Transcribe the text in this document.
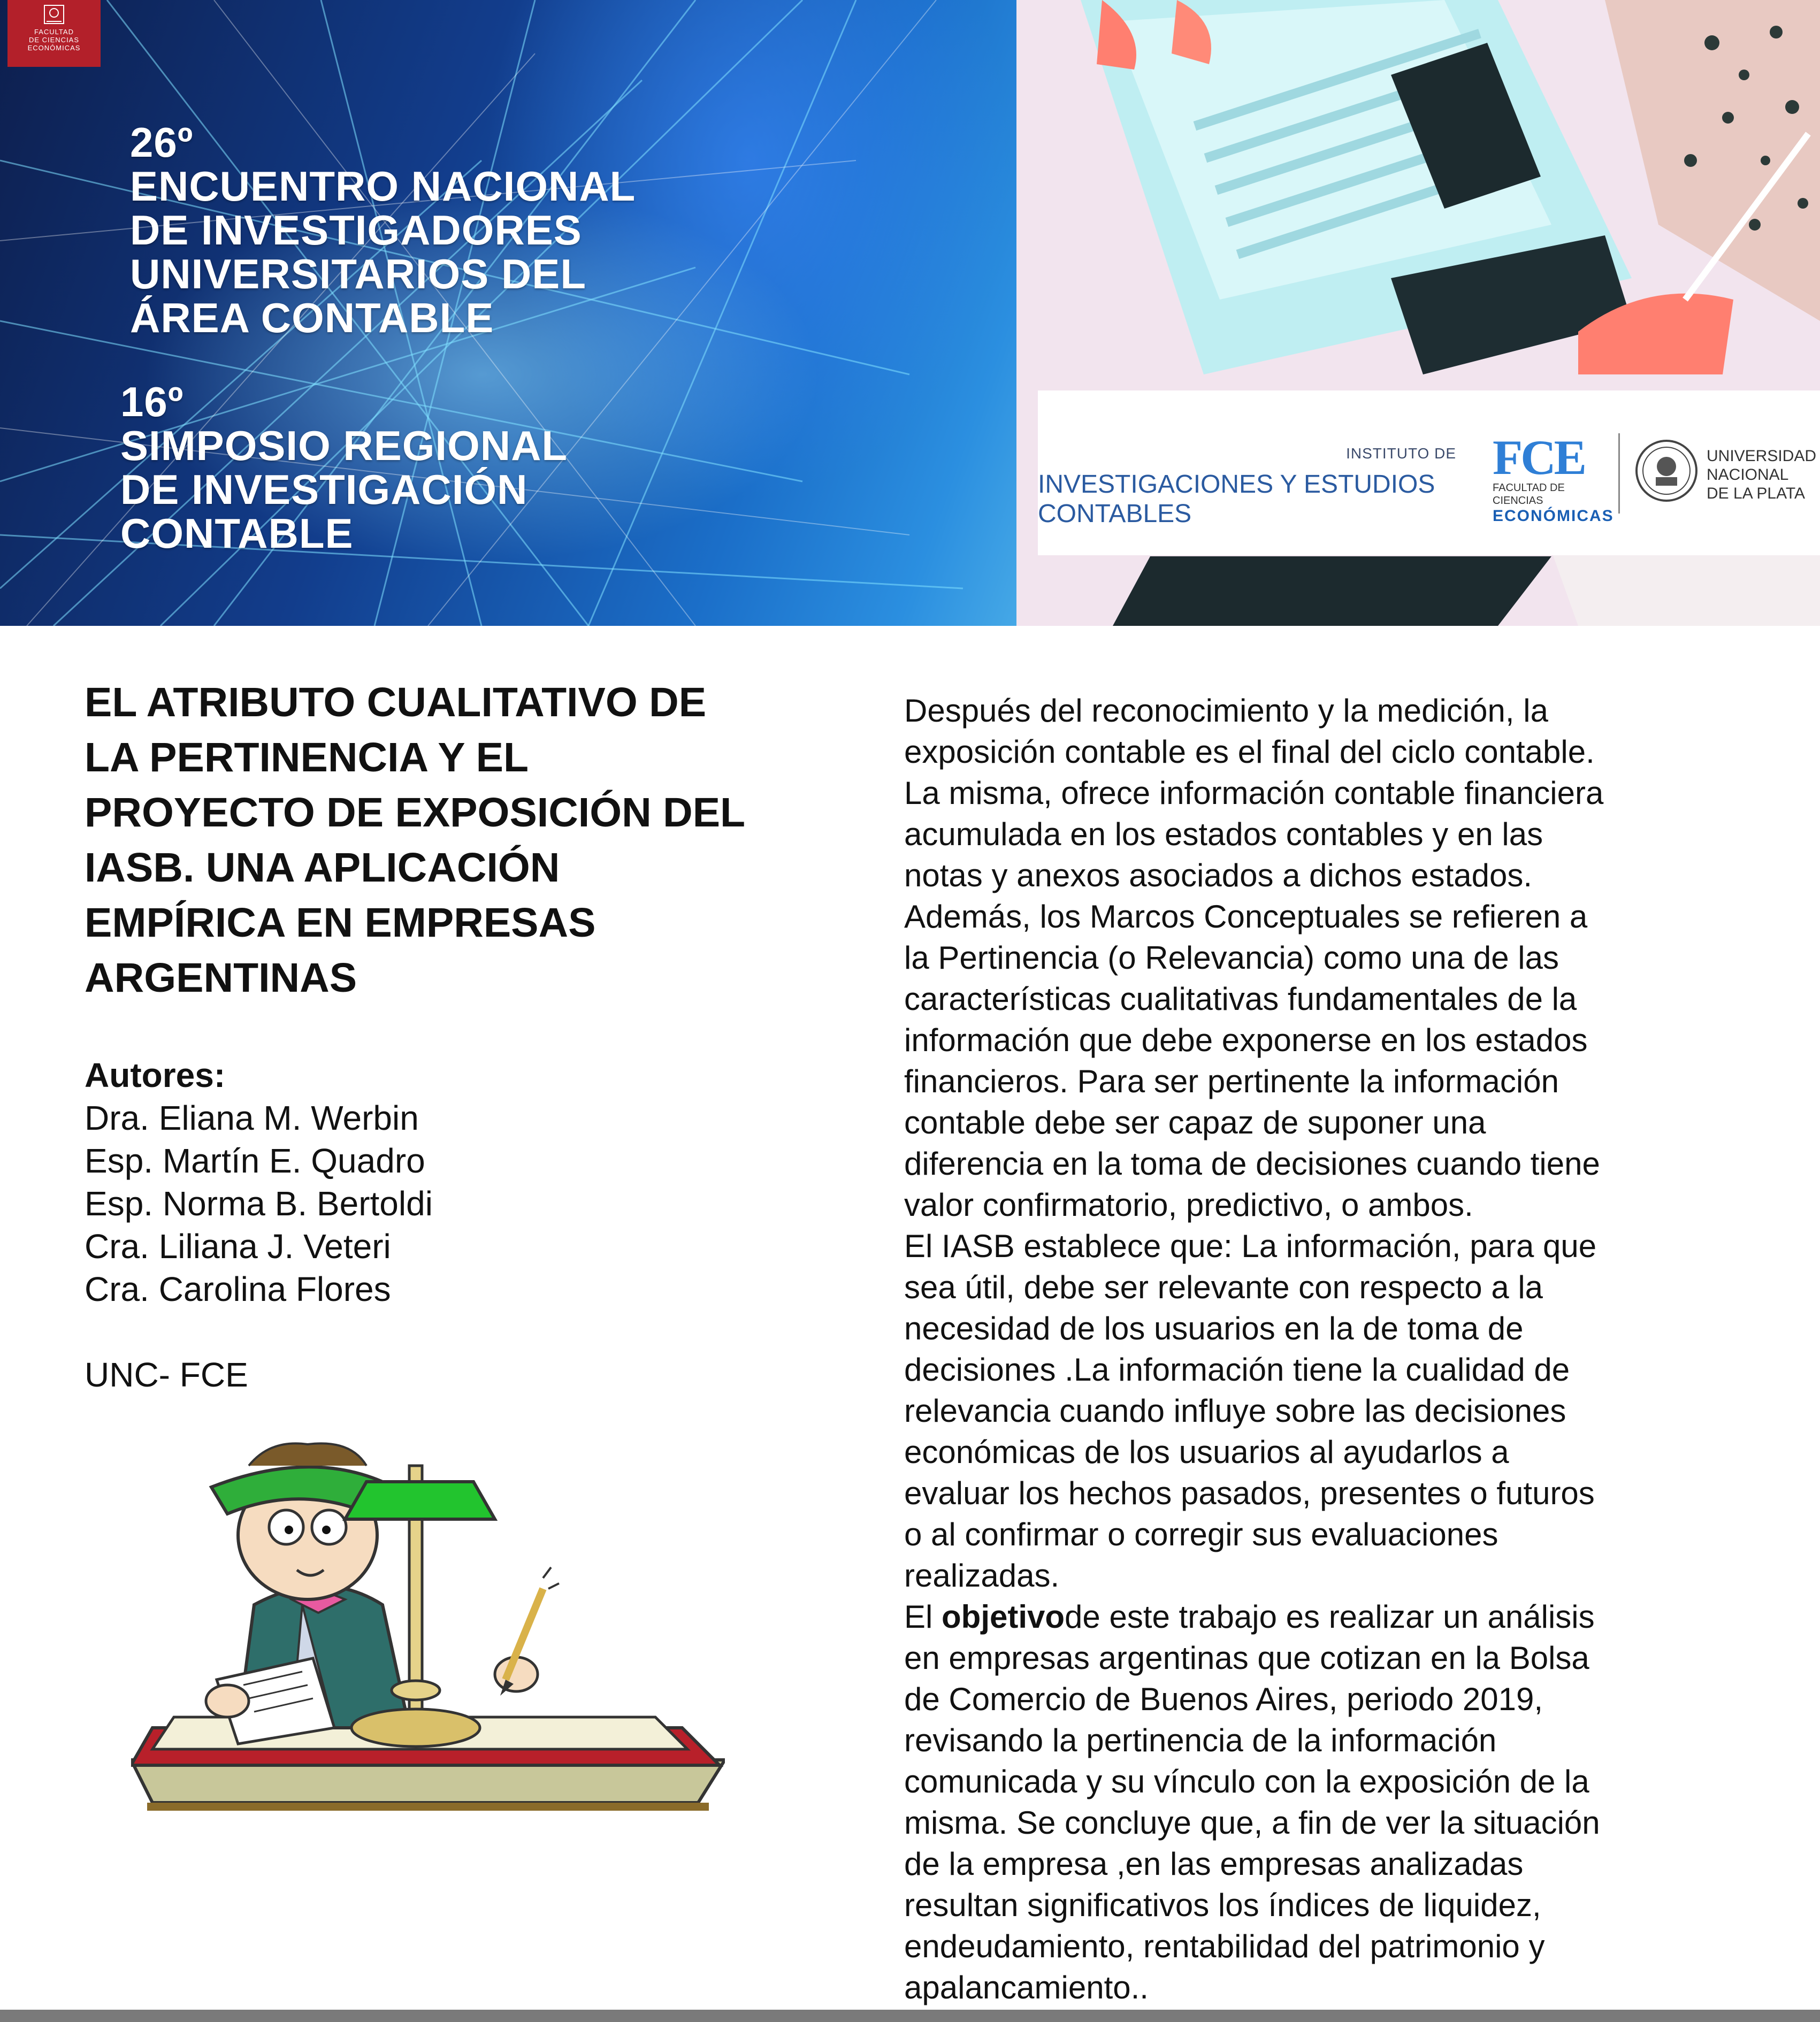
FACULTAD
DE CIENCIAS
ECONÓMICAS
26º
ENCUENTRO NACIONAL
DE INVESTIGADORES
UNIVERSITARIOS DEL
ÁREA CONTABLE
16º
SIMPOSIO REGIONAL
DE INVESTIGACIÓN
CONTABLE
INSTITUTO DE
INVESTIGACIONES Y ESTUDIOS CONTABLES
FCE
FACULTAD DE CIENCIAS
ECONÓMICAS
UNIVERSIDAD
NACIONAL
DE LA PLATA
EL ATRIBUTO CUALITATIVO DE
LA PERTINENCIA Y EL
PROYECTO DE EXPOSICIÓN DEL
IASB. UNA APLICACIÓN
EMPÍRICA EN EMPRESAS
ARGENTINAS
Autores:
Dra. Eliana M. Werbin
Esp. Martín E. Quadro
Esp. Norma B. Bertoldi
Cra. Liliana J. Veteri
Cra. Carolina Flores
UNC- FCE

Después del reconocimiento y la medición, la

exposición contable es el final del ciclo contable.

La misma, ofrece información contable financiera

acumulada en los estados contables y en las

notas y anexos asociados a dichos estados.

Además, los Marcos Conceptuales se refieren a

la Pertinencia (o Relevancia) como una de las

características cualitativas fundamentales de la

información que debe exponerse en los estados

financieros. Para ser pertinente la información

contable debe ser capaz de suponer una

diferencia en la toma de decisiones cuando tiene

valor confirmatorio, predictivo, o ambos.

El IASB establece que: La información, para que

sea útil, debe ser relevante con respecto a la

necesidad de los usuarios en la de toma de

decisiones .La información tiene la cualidad de

relevancia cuando influye sobre las decisiones

económicas de los usuarios al ayudarlos a

evaluar los hechos pasados, presentes o futuros

o al confirmar o corregir sus evaluaciones

realizadas.

El objetivode este trabajo es realizar un análisis

en empresas argentinas que cotizan en la Bolsa

de Comercio de Buenos Aires, periodo 2019,

revisando la pertinencia de la información

comunicada y su vínculo con la exposición de la

misma. Se concluye que, a fin de ver la situación

de la empresa ,en las empresas analizadas

resultan significativos los índices de liquidez,

endeudamiento, rentabilidad del patrimonio y

apalancamiento..
